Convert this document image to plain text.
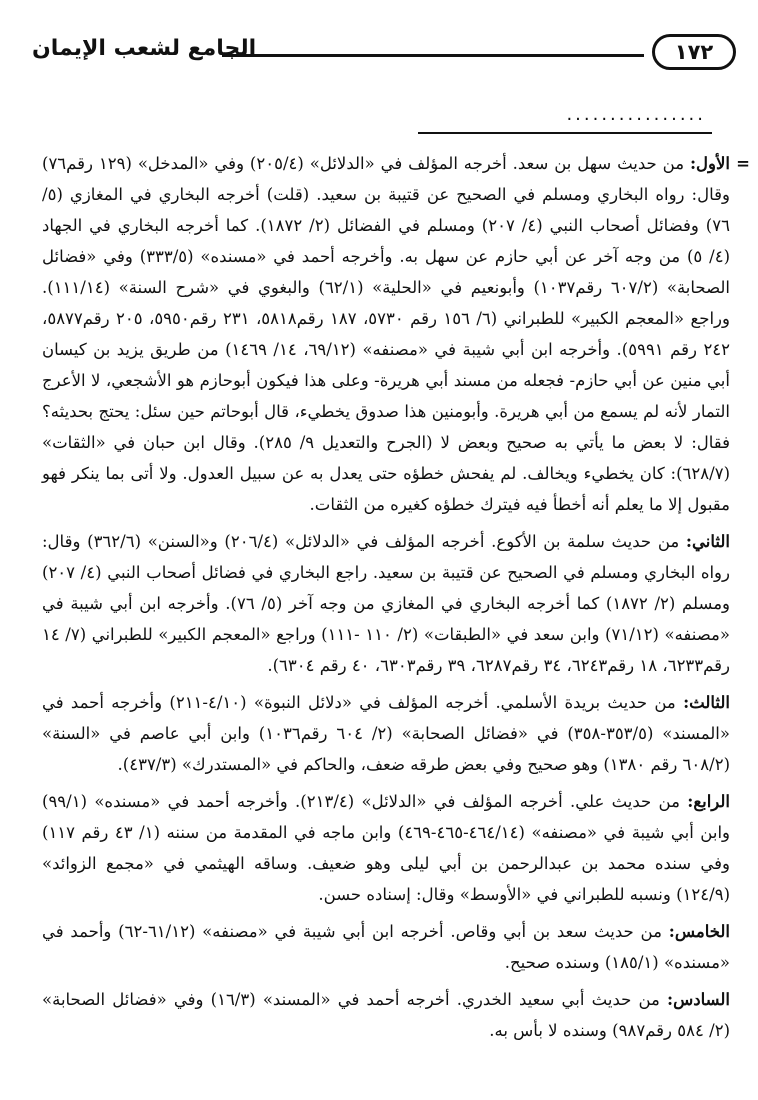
١٧٢
الجامع لشعب الإيمان
................

=
الأول: من حديث سهل بن سعد. أخرجه المؤلف في «الدلائل» (٢٠٥/٤) وفي «المدخل» (١٢٩ رقم٧٦) وقال: رواه البخاري ومسلم في الصحيح عن قتيبة بن سعيد. (قلت) أخرجه البخاري في المغازي (٥/ ٧٦) وفضائل أصحاب النبي (٤/ ٢٠٧) ومسلم في الفضائل (٢/ ١٨٧٢). كما أخرجه البخاري في الجهاد (٤/ ٥) من وجه آخر عن أبي حازم عن سهل به. وأخرجه أحمد في «مسنده» (٣٣٣/٥) وفي «فضائل الصحابة» (٦٠٧/٢ رقم١٠٣٧) وأبونعيم في «الحلية» (٦٢/١) والبغوي في «شرح السنة» (١١١/١٤). وراجع «المعجم الكبير» للطبراني (٦/ ١٥٦ رقم ٥٧٣٠، ١٨٧ رقم٥٨١٨، ٢٣١ رقم٥٩٥٠، ٢٠٥ رقم٥٨٧٧، ٢٤٢ رقم ٥٩٩١). وأخرجه ابن أبي شيبة في «مصنفه» (٦٩/١٢، ١٤/ ١٤٦٩) من طريق يزيد بن كيسان أبي منين عن أبي حازم- فجعله من مسند أبي هريرة- وعلى هذا فيكون أبوحازم هو الأشجعي، لا الأعرج التمار لأنه لم يسمع من أبي هريرة. وأبومنين هذا صدوق يخطيء، قال أبوحاتم حين سئل: يحتج بحديثه؟ فقال: لا بعض ما يأتي به صحيح وبعض لا (الجرح والتعديل ٩/ ٢٨٥). وقال ابن حبان في «الثقات» (٦٢٨/٧): كان يخطيء ويخالف. لم يفحش خطؤه حتى يعدل به عن سبيل العدول. ولا أتى بما ينكر فهو مقبول إلا ما يعلم أنه أخطأ فيه فيترك خطؤه كغيره من الثقات.

الثاني: من حديث سلمة بن الأكوع. أخرجه المؤلف في «الدلائل» (٢٠٦/٤) و«السنن» (٣٦٢/٦) وقال: رواه البخاري ومسلم في الصحيح عن قتيبة بن سعيد. راجع البخاري في فضائل أصحاب النبي (٤/ ٢٠٧) ومسلم (٢/ ١٨٧٢) كما أخرجه البخاري في المغازي من وجه آخر (٥/ ٧٦). وأخرجه ابن أبي شيبة في «مصنفه» (٧١/١٢) وابن سعد في «الطبقات» (٢/ ١١٠ -١١١) وراجع «المعجم الكبير» للطبراني (٧/ ١٤ رقم٦٢٣٣، ١٨ رقم٦٢٤٣، ٣٤ رقم٦٢٨٧، ٣٩ رقم٦٣٠٣، ٤٠ رقم ٦٣٠٤).

الثالث: من حديث بريدة الأسلمي. أخرجه المؤلف في «دلائل النبوة» (٤/١٠-٢١١) وأخرجه أحمد في «المسند» (٣٥٣/٥-٣٥٨) في «فضائل الصحابة» (٢/ ٦٠٤ رقم١٠٣٦) وابن أبي عاصم في «السنة» (٦٠٨/٢ رقم ١٣٨٠) وهو صحيح وفي بعض طرقه ضعف، والحاكم في «المستدرك» (٤٣٧/٣).

الرابع: من حديث علي. أخرجه المؤلف في «الدلائل» (٢١٣/٤). وأخرجه أحمد في «مسنده» (٩٩/١) وابن أبي شيبة في «مصنفه» (٤٦٤/١٤-٤٦٥-٤٦٩) وابن ماجه في المقدمة من سننه (١/ ٤٣ رقم ١١٧) وفي سنده محمد بن عبدالرحمن بن أبي ليلى وهو ضعيف. وساقه الهيثمي في «مجمع الزوائد» (١٢٤/٩) ونسبه للطبراني في «الأوسط» وقال: إسناده حسن.

الخامس: من حديث سعد بن أبي وقاص. أخرجه ابن أبي شيبة في «مصنفه» (٦١/١٢-٦٢) وأحمد في «مسنده» (١٨٥/١) وسنده صحيح.

السادس: من حديث أبي سعيد الخدري. أخرجه أحمد في «المسند» (١٦/٣) وفي «فضائل الصحابة» (٢/ ٥٨٤ رقم٩٨٧) وسنده لا بأس به.
